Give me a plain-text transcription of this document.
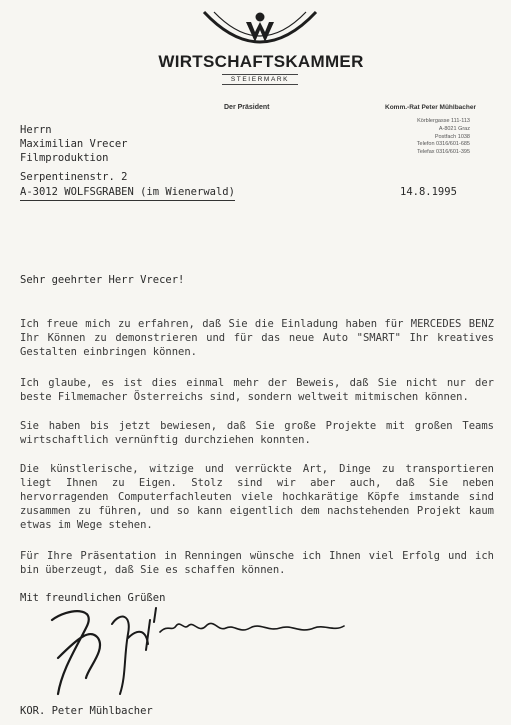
WIRTSCHAFTSKAMMER
STEIERMARK
Der Präsident	Komm.-Rat Peter Mühlbacher
Körblergasse 111-113
A-8021 Graz
Postfach 1038
Telefon 0316/601-685
Telefax 0316/601-395
Herrn
Maximilian Vrecer
Filmproduktion
Serpentinenstr. 2
A-3012 WOLFSGRABEN (im Wienerwald)	14.8.1995
Sehr geehrter Herr Vrecer!
Ich freue mich zu erfahren, daß Sie die Einladung haben für MERCEDES BENZ Ihr Können zu demonstrieren und für das neue Auto "SMART" Ihr kreatives Gestalten einbringen können.
Ich glaube, es ist dies einmal mehr der Beweis, daß Sie nicht nur der beste Filmemacher Österreichs sind, sondern weltweit mitmischen können.
Sie haben bis jetzt bewiesen, daß Sie große Projekte mit großen Teams wirtschaftlich vernünftig durchziehen konnten.
Die künstlerische, witzige und verrückte Art, Dinge zu transportieren liegt Ihnen zu Eigen. Stolz sind wir aber auch, daß Sie neben hervorragenden Computerfachleuten viele hochkarätige Köpfe imstande sind zusammen zu führen, und so kann eigentlich dem nachstehenden Projekt kaum etwas im Wege stehen.
Für Ihre Präsentation in Renningen wünsche ich Ihnen viel Erfolg und ich bin überzeugt, daß Sie es schaffen können.
Mit freundlichen Grüßen
KOR. Peter Mühlbacher
